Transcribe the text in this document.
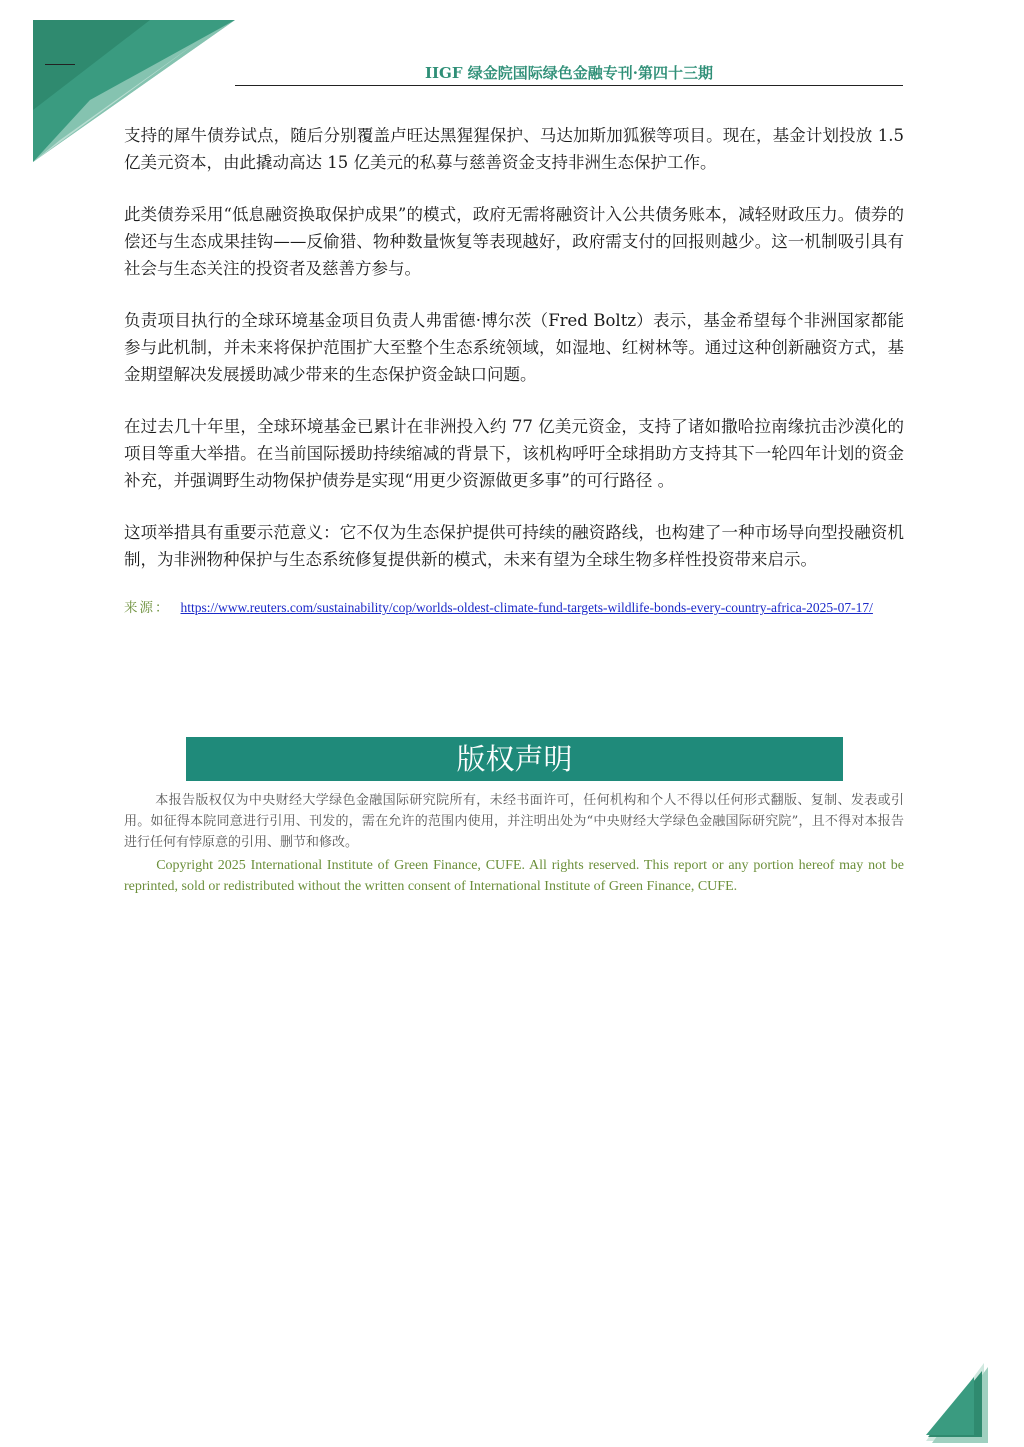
IIGF 绿金院国际绿色金融专刊·第四十三期

支持的犀牛债券试点，随后分别覆盖卢旺达黑猩猩保护、马达加斯加狐猴等项目。现在，基金计划投放 1.5 亿美元资本，由此撬动高达 15 亿美元的私募与慈善资金支持非洲生态保护工作。

此类债券采用“低息融资换取保护成果”的模式，政府无需将融资计入公共债务账本，减轻财政压力。债券的偿还与生态成果挂钩——反偷猎、物种数量恢复等表现越好，政府需支付的回报则越少。这一机制吸引具有社会与生态关注的投资者及慈善方参与。

负责项目执行的全球环境基金项目负责人弗雷德·博尔茨（Fred Boltz）表示，基金希望每个非洲国家都能参与此机制，并未来将保护范围扩大至整个生态系统领域，如湿地、红树林等。通过这种创新融资方式，基金期望解决发展援助减少带来的生态保护资金缺口问题。

在过去几十年里，全球环境基金已累计在非洲投入约 77 亿美元资金，支持了诸如撒哈拉南缘抗击沙漠化的项目等重大举措。在当前国际援助持续缩减的背景下，该机构呼吁全球捐助方支持其下一轮四年计划的资金补充，并强调野生动物保护债券是实现“用更少资源做更多事”的可行路径 。

这项举措具有重要示范意义：它不仅为生态保护提供可持续的融资路线，也构建了一种市场导向型投融资机制，为非洲物种保护与生态系统修复提供新的模式，未来有望为全球生物多样性投资带来启示。

来源： https://www.reuters.com/sustainability/cop/worlds-oldest-climate-fund-targets-wildlife-bonds-every-country-africa-2025-07-17/
版权声明

本报告版权仅为中央财经大学绿色金融国际研究院所有，未经书面许可，任何机构和个人不得以任何形式翻版、复制、发表或引用。如征得本院同意进行引用、刊发的，需在允许的范围内使用，并注明出处为“中央财经大学绿色金融国际研究院”，且不得对本报告进行任何有悖原意的引用、删节和修改。

Copyright 2025 International Institute of Green Finance, CUFE. All rights reserved. This report or any portion hereof may not be reprinted, sold or redistributed without the written consent of International Institute of Green Finance, CUFE.
